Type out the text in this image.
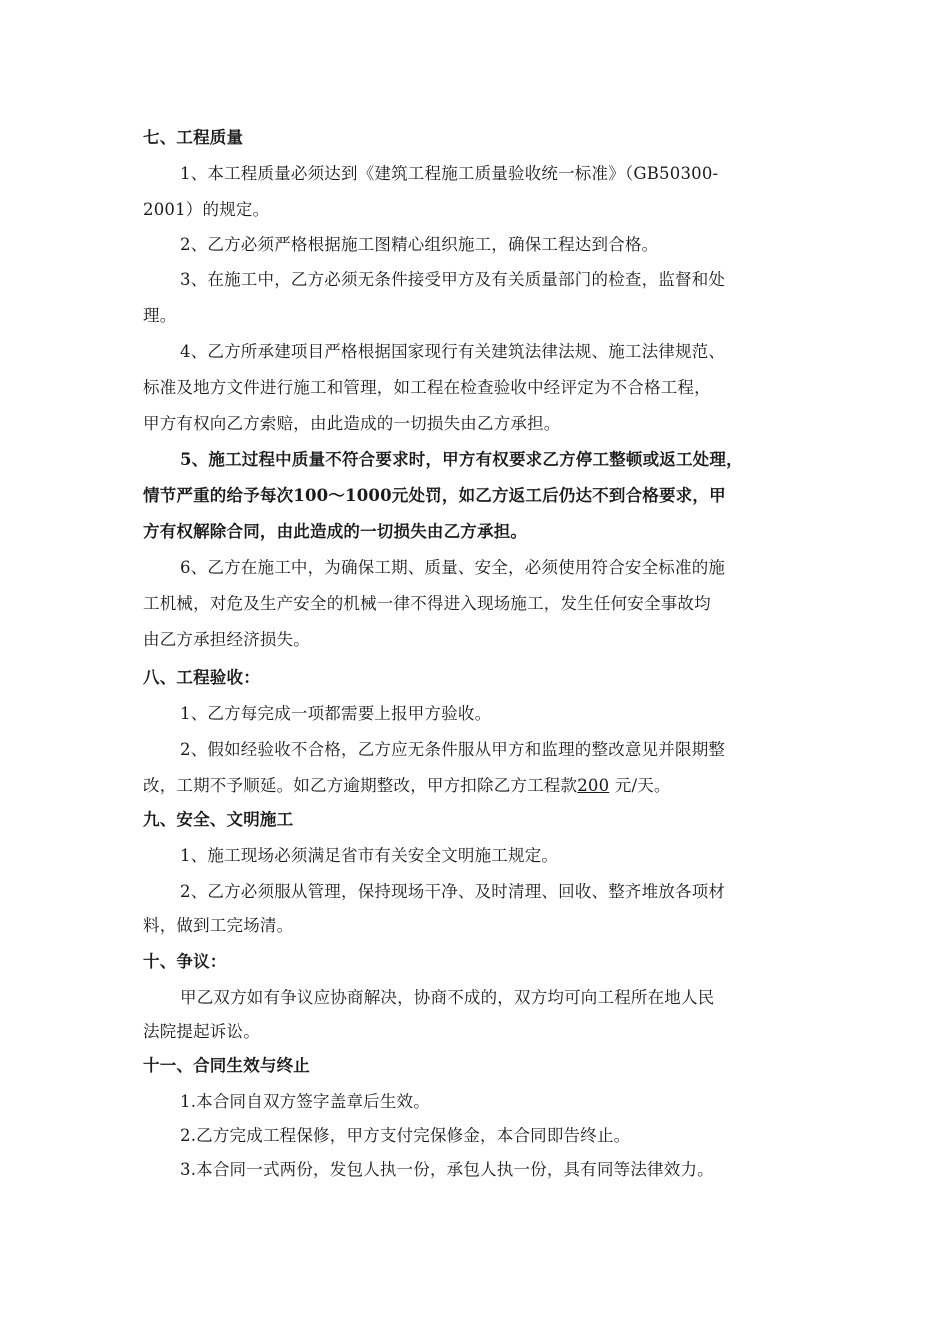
七、工程质量
1、本工程质量必须达到《建筑工程施工质量验收统一标准》（GB50300-
2001）的规定。
2、乙方必须严格根据施工图精心组织施工，确保工程达到合格。
3、在施工中，乙方必须无条件接受甲方及有关质量部门的检查，监督和处
理。
4、乙方所承建项目严格根据国家现行有关建筑法律法规、施工法律规范、
标准及地方文件进行施工和管理，如工程在检查验收中经评定为不合格工程，
甲方有权向乙方索赔，由此造成的一切损失由乙方承担。
5、施工过程中质量不符合要求时，甲方有权要求乙方停工整顿或返工处理，
情节严重的给予每次100～1000元处罚，如乙方返工后仍达不到合格要求，甲
方有权解除合同，由此造成的一切损失由乙方承担。
6、乙方在施工中，为确保工期、质量、安全，必须使用符合安全标准的施
工机械，对危及生产安全的机械一律不得进入现场施工，发生任何安全事故均
由乙方承担经济损失。
八、工程验收：
1、乙方每完成一项都需要上报甲方验收。
2、假如经验收不合格，乙方应无条件服从甲方和监理的整改意见并限期整
改，工期不予顺延。如乙方逾期整改，甲方扣除乙方工程款200 元/天。
九、安全、文明施工
1、施工现场必须满足省市有关安全文明施工规定。
2、乙方必须服从管理，保持现场干净、及时清理、回收、整齐堆放各项材
料，做到工完场清。
十、争议：
甲乙双方如有争议应协商解决，协商不成的，双方均可向工程所在地人民
法院提起诉讼。
十一、合同生效与终止
1.本合同自双方签字盖章后生效。
2.乙方完成工程保修，甲方支付完保修金，本合同即告终止。
3.本合同一式两份，发包人执一份，承包人执一份，具有同等法律效力。
